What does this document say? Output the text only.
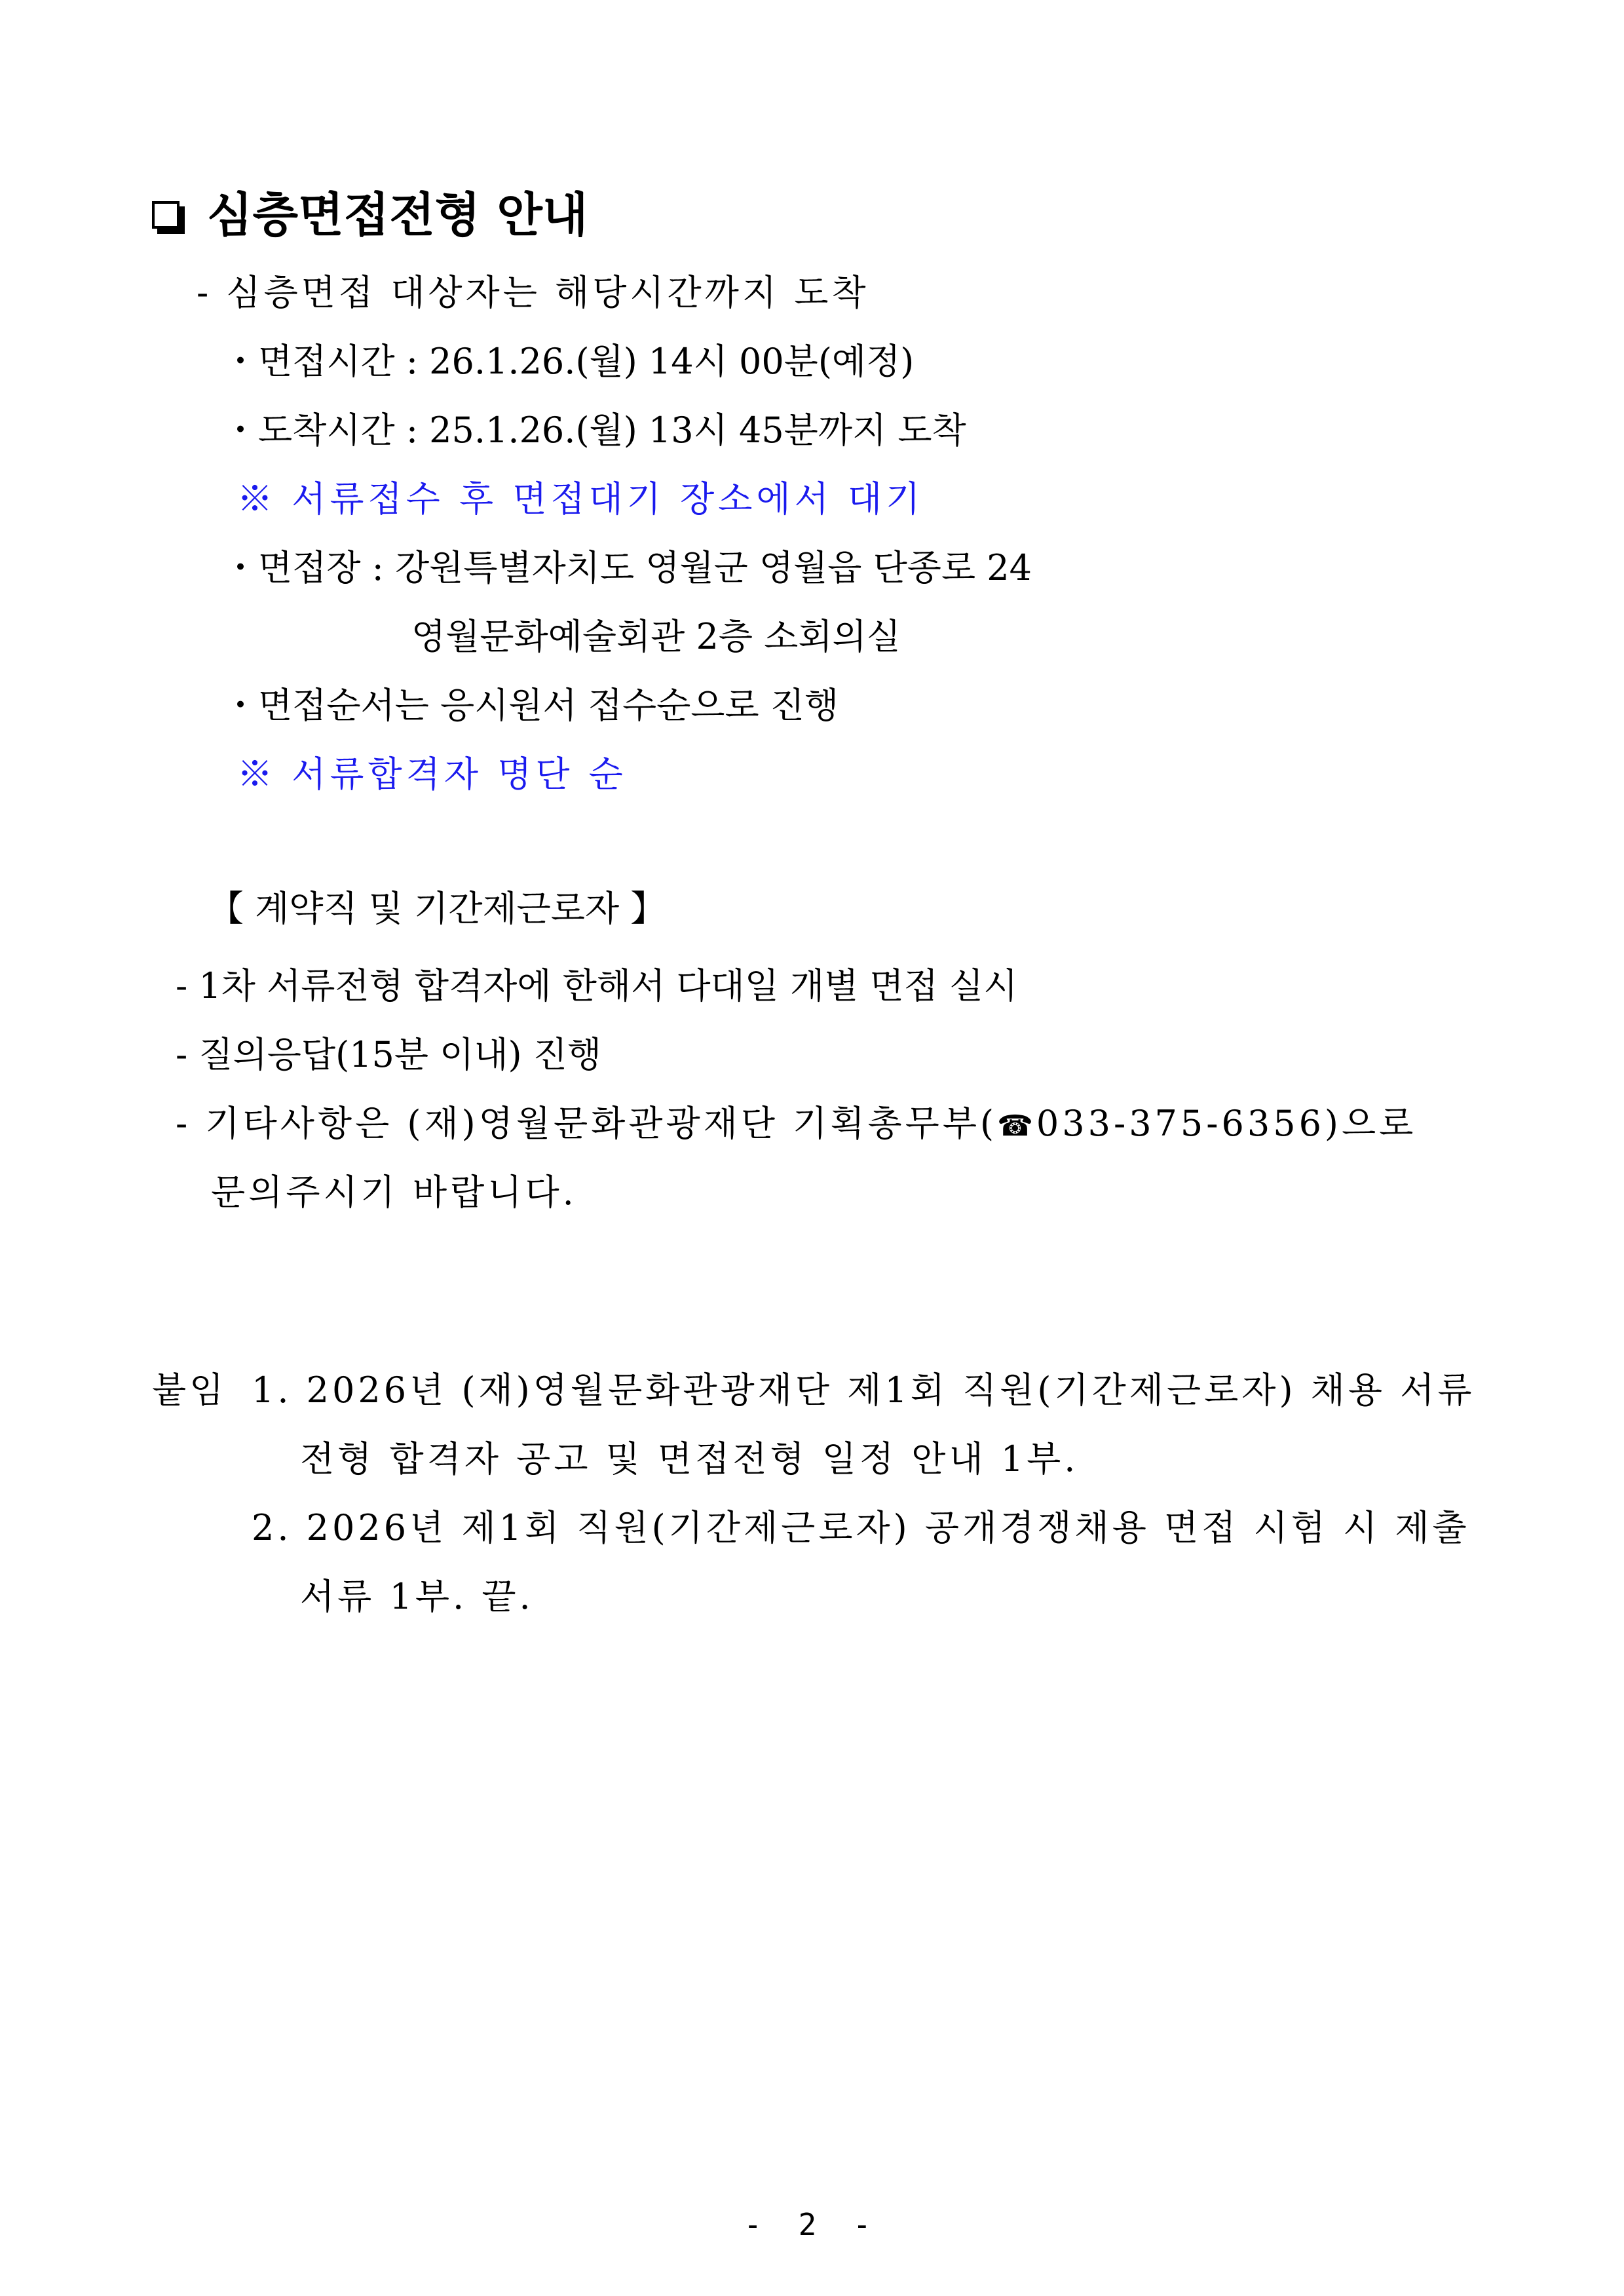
심층면접전형 안내
- 심층면접 대상자는 해당시간까지 도착
・면접시간 : 26.1.26.(월) 14시 00분(예정)
・도착시간 : 25.1.26.(월) 13시 45분까지 도착
※ 서류접수 후 면접대기 장소에서 대기
・면접장 : 강원특별자치도 영월군 영월읍 단종로 24
영월문화예술회관 2층 소회의실
・면접순서는 응시원서 접수순으로 진행
※ 서류합격자 명단 순
【 계약직 및 기간제근로자 】
- 1차 서류전형 합격자에 한해서 다대일 개별 면접 실시
- 질의응답(15분 이내) 진행
- 기타사항은 (재)영월문화관광재단 기획총무부(☎033-375-6356)으로
문의주시기 바랍니다.
붙임 1. 2026년 (재)영월문화관광재단 제1회 직원(기간제근로자) 채용 서류
전형 합격자 공고 및 면접전형 일정 안내 1부.
2. 2026년 제1회 직원(기간제근로자) 공개경쟁채용 면접 시험 시 제출
서류 1부. 끝.
- 2 -
